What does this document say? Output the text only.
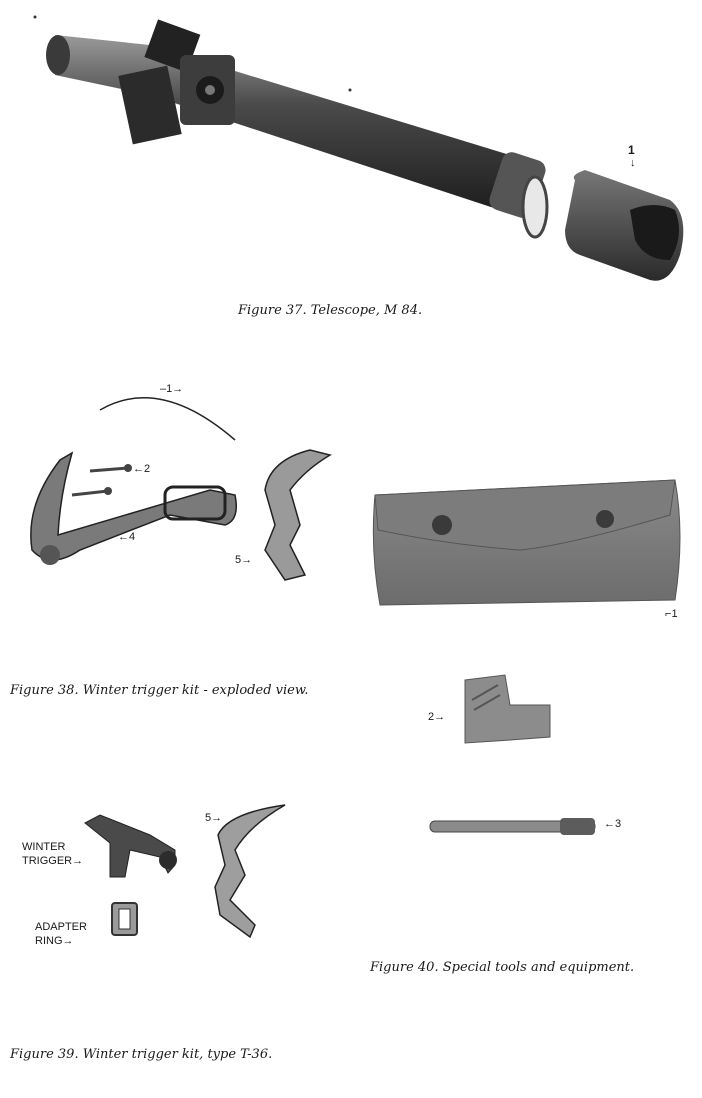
1
↓
Figure 37. Telescope, M 84.
–1→
←2
←4
5→
Figure 38. Winter trigger kit - exploded view.
⌐1
2→
←3
Figure 40. Special tools and equipment.
WINTER
TRIGGER→
ADAPTER
RING→
5→
Figure 39. Winter trigger kit, type T-36.
